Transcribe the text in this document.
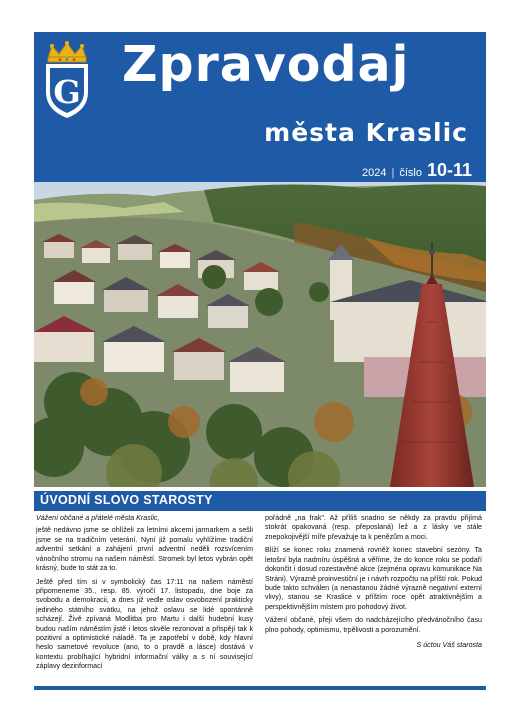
G Zpravodaj
města Kraslic
2024 | číslo 10-11
ÚVODNÍ SLOVO STAROSTY

Vážení občané a přátelé města Kraslic,

ještě nedávno jsme se ohlíželi za letními akcemi jarmarkem a sešli jsme se na tradičním veterání. Nyní již pomalu vyhlížíme tradiční adventní setkání a zahájení první adventní neděli rozsvícením vánočního stromu na našem náměstí. Stromek byl letos vybrán opět krásný, bude to stát za to.

Ještě před tím si v symbolický čas 17:11 na našem náměstí připomeneme 35., resp. 85. výročí 17. listopadu, dne boje za svobodu a demokracii, a dnes již vedle oslav osvobození prakticky jediného státního svátku, na jehož oslavu se lidé spontánně scházejí. Živě zpívaná Modlitba pro Martu i další hudební kusy budou naším náměstím jistě i letos skvěle rezonovat a přispějí tak k pozitivní a optimistické náladě. Ta je zapotřebí v době, kdy hlavní heslo sametové revoluce (ano, to o pravdě a lásce) dostává v kontextu probíhající hybridní informační války a s ní související záplavy dezinformací

pořádně „na frak". Až příliš snadno se někdy za pravdu přijímá stokrát opakovaná (resp. přeposlaná) lež a z lásky ve stále znepokojivější míře převažuje ta k penězům a moci.

Blíží se konec roku znamená rovněž konec stavební sezóny. Ta letošní byla nadmíru úspěšná a věříme, že do konce roku se podaří dokončit i dosud rozestavěné akce (zejména opravu komunikace Na Stráni). Výrazně proinvestiční je i návrh rozpočtu na příští rok. Pokud bude takto schválen (a nenastanou žádné výrazně negativní externí vlivy), stanou se Kraslice v příštím roce opět atraktivnějším a perspektivnějším místem pro pohodový život.

Vážení občané, přeji všem do nadcházejícího předvánočního času plno pohody, optimismu, trpělivosti a porozumění.

S úctou Váš starosta
